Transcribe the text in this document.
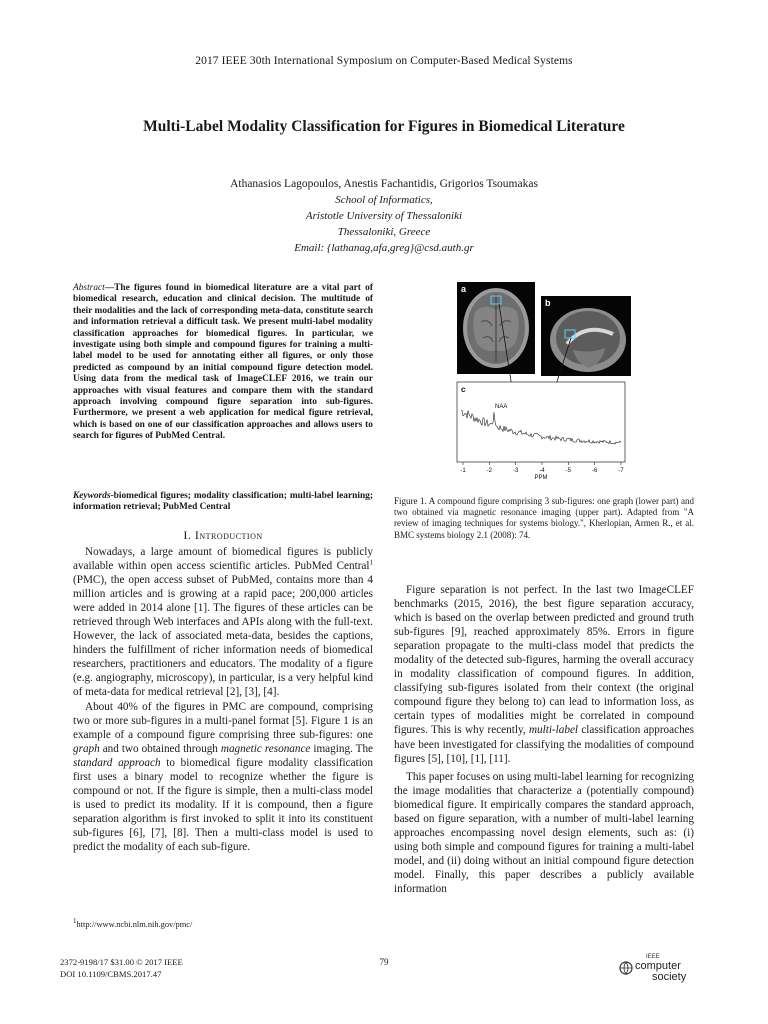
2017 IEEE 30th International Symposium on Computer-Based Medical Systems
Multi-Label Modality Classification for Figures in Biomedical Literature
Athanasios Lagopoulos, Anestis Fachantidis, Grigorios Tsoumakas
School of Informatics,
Aristotle University of Thessaloniki
Thessaloniki, Greece
Email: {lathanag,afa,greg}@csd.auth.gr
Abstract—The figures found in biomedical literature are a vital part of biomedical research, education and clinical decision. The multitude of their modalities and the lack of corresponding meta-data, constitute search and information retrieval a difficult task. We present multi-label modality classification approaches for biomedical figures. In particular, we investigate using both simple and compound figures for training a multi-label model to be used for annotating either all figures, or only those predicted as compound by an initial compound figure detection model. Using data from the medical task of ImageCLEF 2016, we train our approaches with visual features and compare them with the standard approach involving compound figure separation into sub-figures. Furthermore, we present a web application for medical figure retrieval, which is based on one of our classification approaches and allows users to search for figures of PubMed Central.
Keywords-biomedical figures; modality classification; multi-label learning; information retrieval; PubMed Central
I. Introduction

Nowadays, a large amount of biomedical figures is publicly available within open access scientific articles. PubMed Central$^1$ (PMC), the open access subset of PubMed, contains more than 4 million articles and is growing at a rapid pace; 200,000 articles were added in 2014 alone [1]. The figures of these articles can be retrieved through Web interfaces and APIs along with the full-text. However, the lack of associated meta-data, besides the captions, hinders the fulfillment of richer information needs of biomedical researchers, practitioners and educators. The modality of a figure (e.g. angiography, microscopy), in particular, is a very helpful kind of meta-data for medical retrieval [2], [3], [4].

About 40% of the figures in PMC are compound, comprising two or more sub-figures in a multi-panel format [5]. Figure 1 is an example of a compound figure comprising three sub-figures: one graph and two obtained through magnetic resonance imaging. The standard approach to biomedical figure modality classification first uses a binary model to recognize whether the figure is compound or not. If the figure is simple, then a multi-class model is used to predict its modality. If it is compound, then a figure separation algorithm is first invoked to split it into its constituent sub-figures [6], [7], [8]. Then a multi-class model is used to predict the modality of each sub-figure.

$^1$http://www.ncbi.nlm.nih.gov/pmc/
a
b
c
NAA
-1	-2	-3	-4	-5	-6	-7
PPM
Figure 1. A compound figure comprising 3 sub-figures: one graph (lower part) and two obtained via magnetic resonance imaging (upper part). Adapted from "A review of imaging techniques for systems biology.", Kherlopian, Armen R., et al. BMC systems biology 2.1 (2008): 74.

Figure separation is not perfect. In the last two ImageCLEF benchmarks (2015, 2016), the best figure separation accuracy, which is based on the overlap between predicted and ground truth sub-figures [9], reached approximately 85%. Errors in figure separation propagate to the multi-class model that predicts the modality of the detected sub-figures, harming the overall accuracy in modality classification of compound figures. In addition, classifying sub-figures isolated from their context (the original compound figure they belong to) can lead to information loss, as certain types of modalities might be correlated in compound figures. This is why recently, multi-label classification approaches have been investigated for classifying the modalities of compound figures [5], [10], [1], [11].

This paper focuses on using multi-label learning for recognizing the image modalities that characterize a (potentially compound) biomedical figure. It empirically compares the standard approach, based on figure separation, with a number of multi-label learning approaches encompassing novel design elements, such as: (i) using both simple and compound figures for training a multi-label model, and (ii) doing without an initial compound figure detection model. Finally, this paper describes a publicly available information

2372-9198/17 $31.00 © 2017 IEEE
DOI 10.1109/CBMS.2017.47
79	IEEE
computer
society
